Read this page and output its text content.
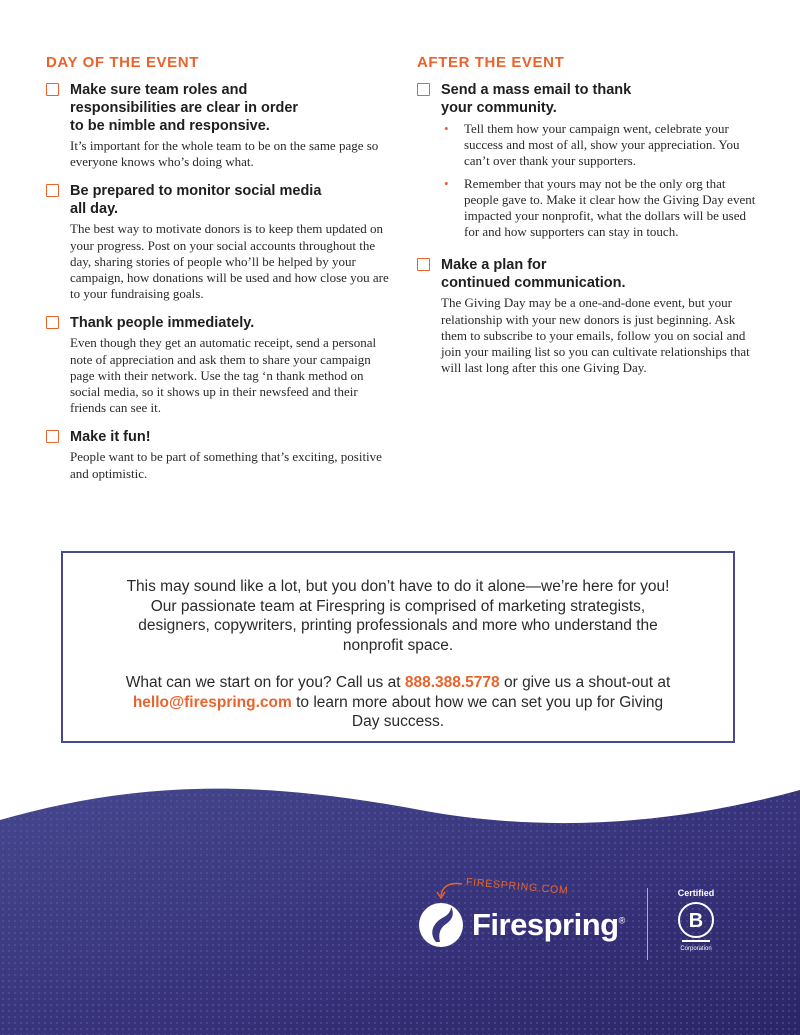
DAY OF THE EVENT
Make sure team roles and
responsibilities are clear in order
to be nimble and responsive.
It’s important for the whole team to be on the same page so everyone knows who’s doing what.
Be prepared to monitor social media
all day.
The best way to motivate donors is to keep them updated on your progress. Post on your social accounts throughout the day, sharing stories of people who’ll be helped by your campaign, how donations will be used and how close you are to your fundraising goals.
Thank people immediately.
Even though they get an automatic receipt, send a personal note of appreciation and ask them to share your campaign page with their network. Use the tag ‘n thank method on social media, so it shows up in their newsfeed and their friends can see it.
Make it fun!
People want to be part of something that’s exciting, positive and optimistic.
AFTER THE EVENT
Send a mass email to thank
your community.
• Tell them how your campaign went, celebrate your success and most of all, show your appreciation. You can’t over thank your supporters.
• Remember that yours may not be the only org that people gave to. Make it clear how the Giving Day event impacted your nonprofit, what the dollars will be used for and how supporters can stay in touch.
Make a plan for
continued communication.
The Giving Day may be a one-and-done event, but your relationship with your new donors is just beginning. Ask them to subscribe to your emails, follow you on social and join your mailing list so you can cultivate relationships that will last long after this one Giving Day.

This may sound like a lot, but you don’t have to do it alone—we’re here for you! Our passionate team at Firespring is comprised of marketing strategists, designers, copywriters, printing professionals and more who understand the nonprofit space.

What can we start on for you? Call us at 888.388.5778 or give us a shout-out at hello@firespring.com to learn more about how we can set you up for Giving Day success.

FIRESPRING.COM
Firespring®
Certified
B
Corporation
